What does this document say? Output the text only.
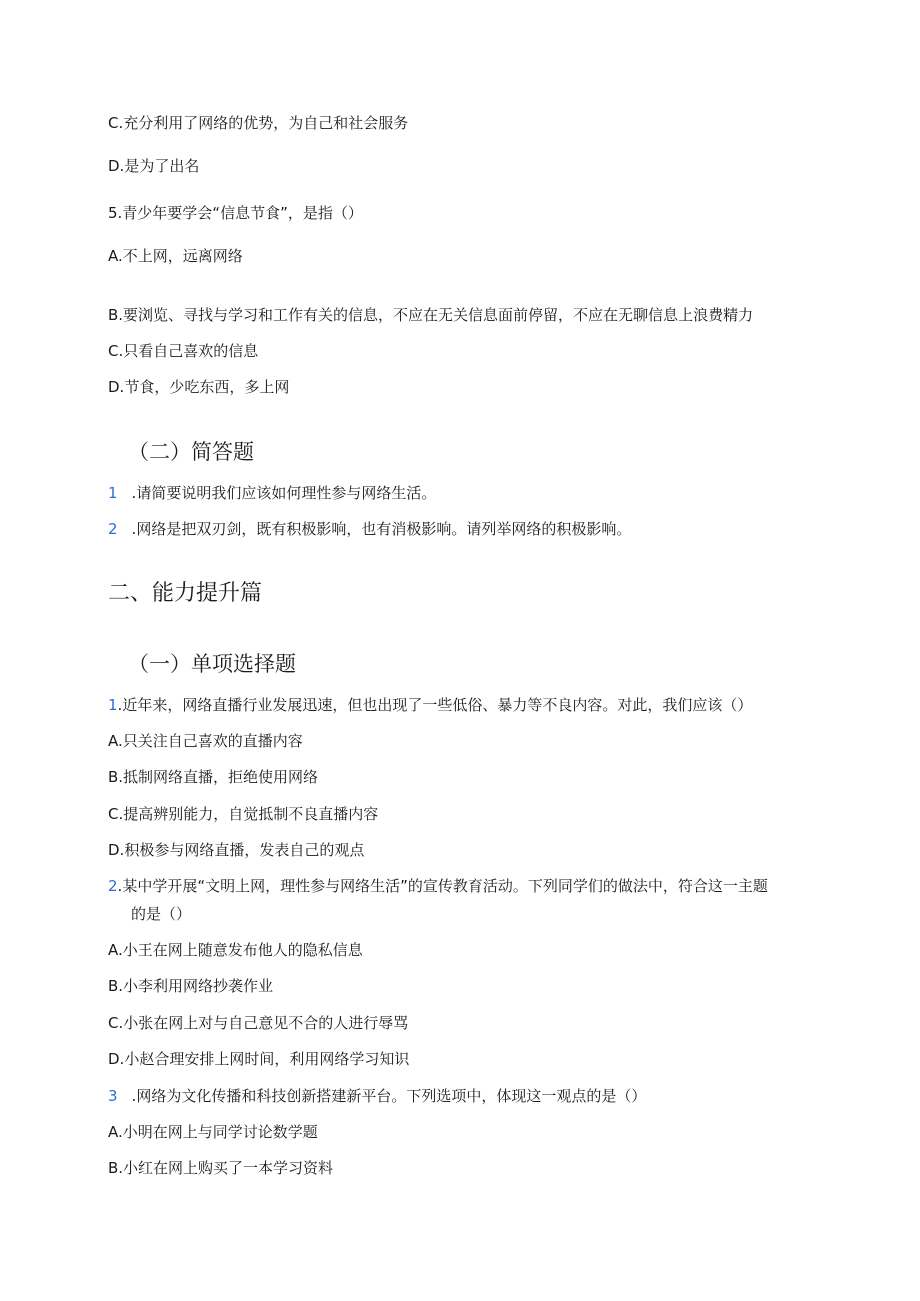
C.充分利用了网络的优势，为自己和社会服务
D.是为了出名
5.青少年要学会“信息节食”，是指（）
A.不上网，远离网络
B.要浏览、寻找与学习和工作有关的信息，不应在无关信息面前停留，不应在无聊信息上浪费精力
C.只看自己喜欢的信息
D.节食，少吃东西，多上网
（二）简答题
1 .请简要说明我们应该如何理性参与网络生活。
2 .网络是把双刃剑，既有积极影响，也有消极影响。请列举网络的积极影响。
二、能力提升篇
（一）单项选择题
1.近年来，网络直播行业发展迅速，但也出现了一些低俗、暴力等不良内容。对此，我们应该（）
A.只关注自己喜欢的直播内容
B.抵制网络直播，拒绝使用网络
C.提高辨别能力，自觉抵制不良直播内容
D.积极参与网络直播，发表自己的观点
2.某中学开展“文明上网，理性参与网络生活”的宣传教育活动。下列同学们的做法中，符合这一主题
的是（）
A.小王在网上随意发布他人的隐私信息
B.小李利用网络抄袭作业
C.小张在网上对与自己意见不合的人进行辱骂
D.小赵合理安排上网时间，利用网络学习知识
3 .网络为文化传播和科技创新搭建新平台。下列选项中，体现这一观点的是（）
A.小明在网上与同学讨论数学题
B.小红在网上购买了一本学习资料
